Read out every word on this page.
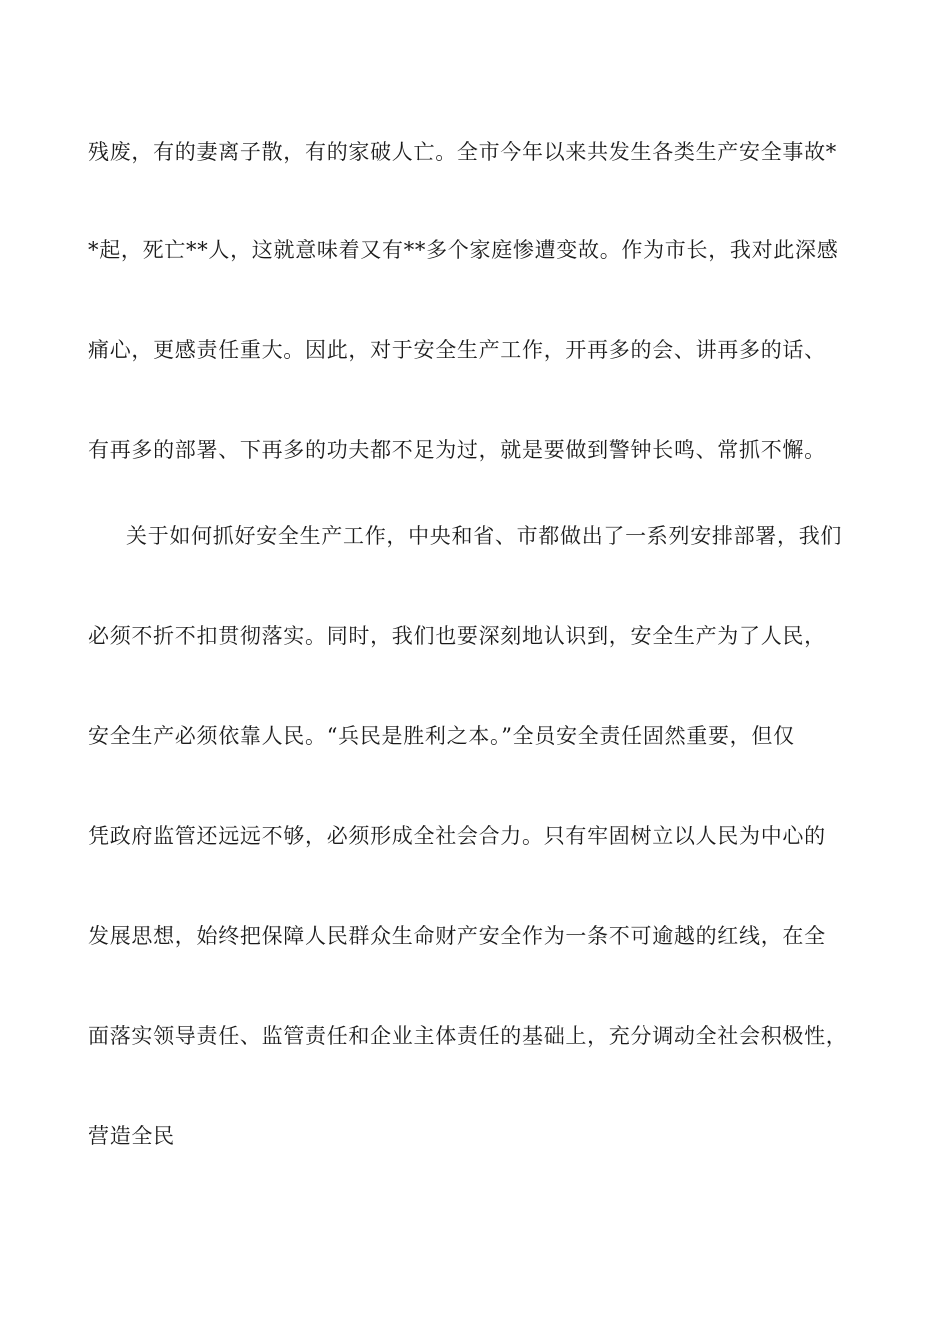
残废，有的妻离子散，有的家破人亡。全市今年以来共发生各类生产安全事故*
*起，死亡**人，这就意味着又有**多个家庭惨遭变故。作为市长，我对此深感
痛心，更感责任重大。因此，对于安全生产工作，开再多的会、讲再多的话、
有再多的部署、下再多的功夫都不足为过，就是要做到警钟长鸣、常抓不懈。
关于如何抓好安全生产工作，中央和省、市都做出了一系列安排部署，我们
必须不折不扣贯彻落实。同时，我们也要深刻地认识到，安全生产为了人民，
安全生产必须依靠人民。“兵民是胜利之本。”全员安全责任固然重要，但仅
凭政府监管还远远不够，必须形成全社会合力。只有牢固树立以人民为中心的
发展思想，始终把保障人民群众生命财产安全作为一条不可逾越的红线，在全
面落实领导责任、监管责任和企业主体责任的基础上，充分调动全社会积极性，
营造全民
